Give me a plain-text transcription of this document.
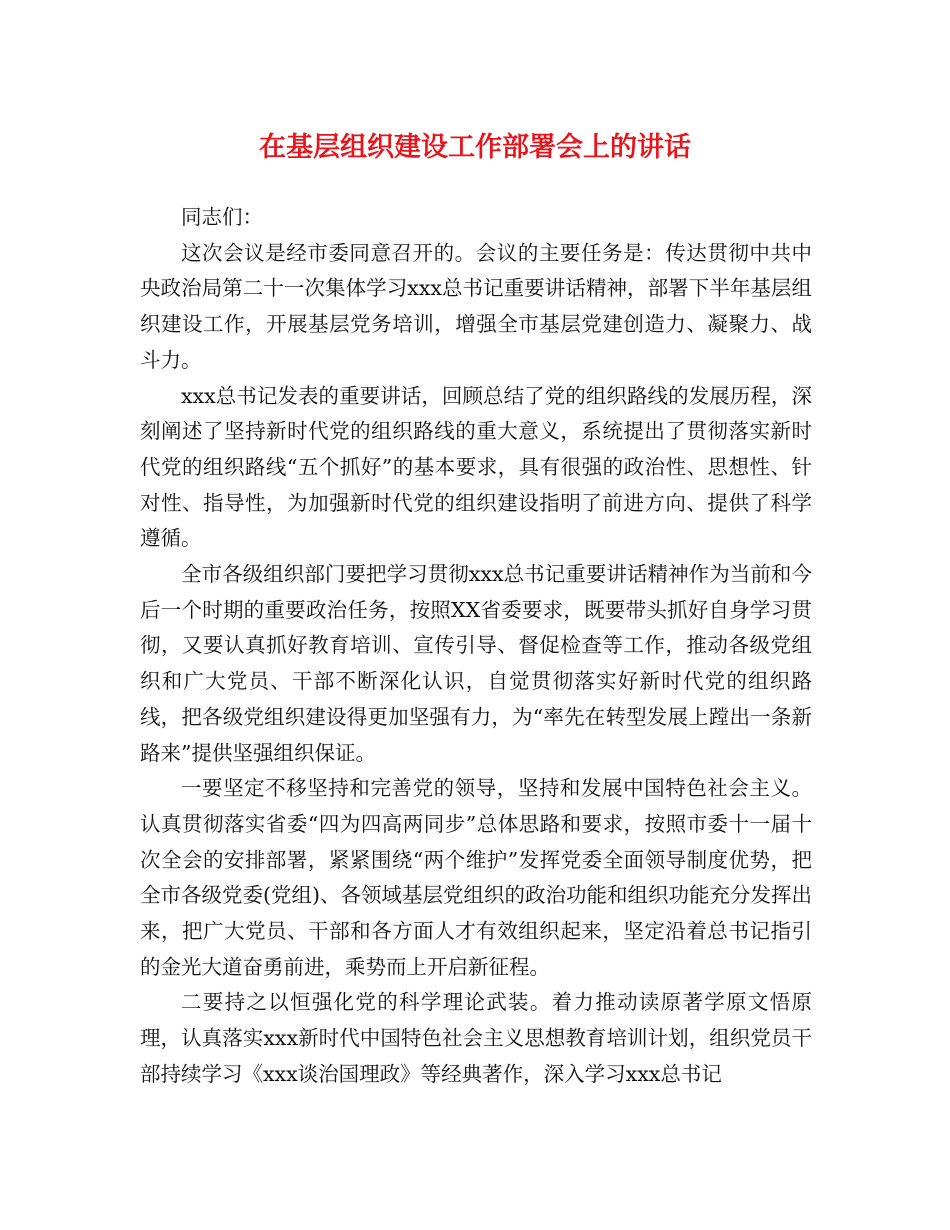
在基层组织建设工作部署会上的讲话

同志们：

这次会议是经市委同意召开的。会议的主要任务是：传达贯彻中共中央政治局第二十一次集体学习xxx总书记重要讲话精神，部署下半年基层组织建设工作，开展基层党务培训，增强全市基层党建创造力、凝聚力、战斗力。

xxx总书记发表的重要讲话，回顾总结了党的组织路线的发展历程，深刻阐述了坚持新时代党的组织路线的重大意义，系统提出了贯彻落实新时代党的组织路线“五个抓好”的基本要求，具有很强的政治性、思想性、针对性、指导性，为加强新时代党的组织建设指明了前进方向、提供了科学遵循。

全市各级组织部门要把学习贯彻xxx总书记重要讲话精神作为当前和今后一个时期的重要政治任务，按照XX省委要求，既要带头抓好自身学习贯彻，又要认真抓好教育培训、宣传引导、督促检查等工作，推动各级党组织和广大党员、干部不断深化认识，自觉贯彻落实好新时代党的组织路线，把各级党组织建设得更加坚强有力，为“率先在转型发展上蹚出一条新路来”提供坚强组织保证。

一要坚定不移坚持和完善党的领导，坚持和发展中国特色社会主义。认真贯彻落实省委“四为四高两同步”总体思路和要求，按照市委十一届十次全会的安排部署，紧紧围绕“两个维护”发挥党委全面领导制度优势，把全市各级党委(党组)、各领域基层党组织的政治功能和组织功能充分发挥出来，把广大党员、干部和各方面人才有效组织起来，坚定沿着总书记指引的金光大道奋勇前进，乘势而上开启新征程。

二要持之以恒强化党的科学理论武装。着力推动读原著学原文悟原理，认真落实xxx新时代中国特色社会主义思想教育培训计划，组织党员干部持续学习《xxx谈治国理政》等经典著作，深入学习xxx总书记
